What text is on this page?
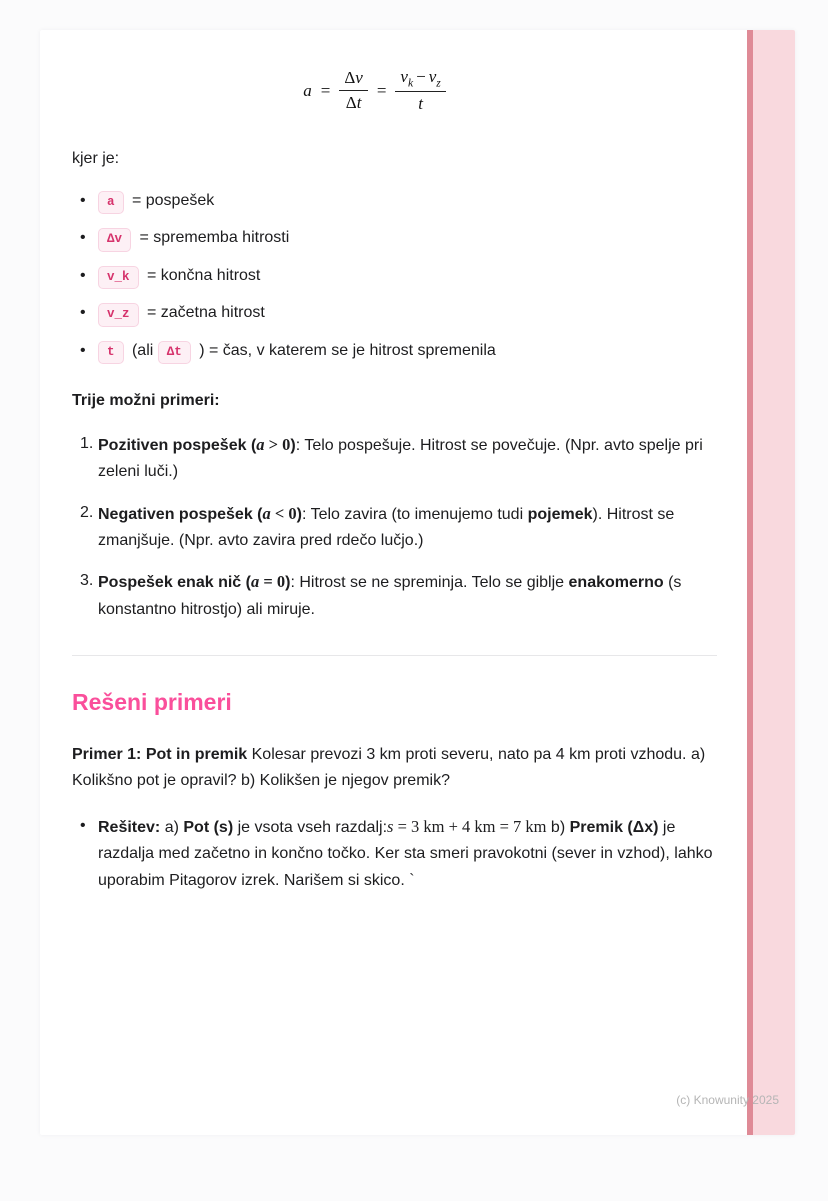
$a = \frac{\Delta v}{\Delta t} = \frac{v_k - v_z}{t}$

kjer je:

• a = pospešek
• Δv = sprememba hitrosti
• v_k = končna hitrost
• v_z = začetna hitrost
• t (ali Δt ) = čas, v katerem se je hitrost spremenila

Trije možni primeri:

Pozitiven pospešek (a > 0): Telo pospešuje. Hitrost se povečuje. (Npr. avto spelje pri zeleni luči.)
Negativen pospešek (a < 0): Telo zavira (to imenujemo tudi pojemek). Hitrost se zmanjšuje. (Npr. avto zavira pred rdečo lučjo.)
Pospešek enak nič (a = 0): Hitrost se ne spreminja. Telo se giblje enakomerno (s konstantno hitrostjo) ali miruje.
Rešeni primeri

Primer 1: Pot in premik Kolesar prevozi 3 km proti severu, nato pa 4 km proti vzhodu. a) Kolikšno pot je opravil? b) Kolikšen je njegov premik?

• Rešitev: a) Pot (s) je vsota vseh razdalj:s = 3 km + 4 km = 7 km b) Premik (Δx) je razdalja med začetno in končno točko. Ker sta smeri pravokotni (sever in vzhod), lahko uporabim Pitagorov izrek. Narišem si skico. `
(c) Knowunity 2025
